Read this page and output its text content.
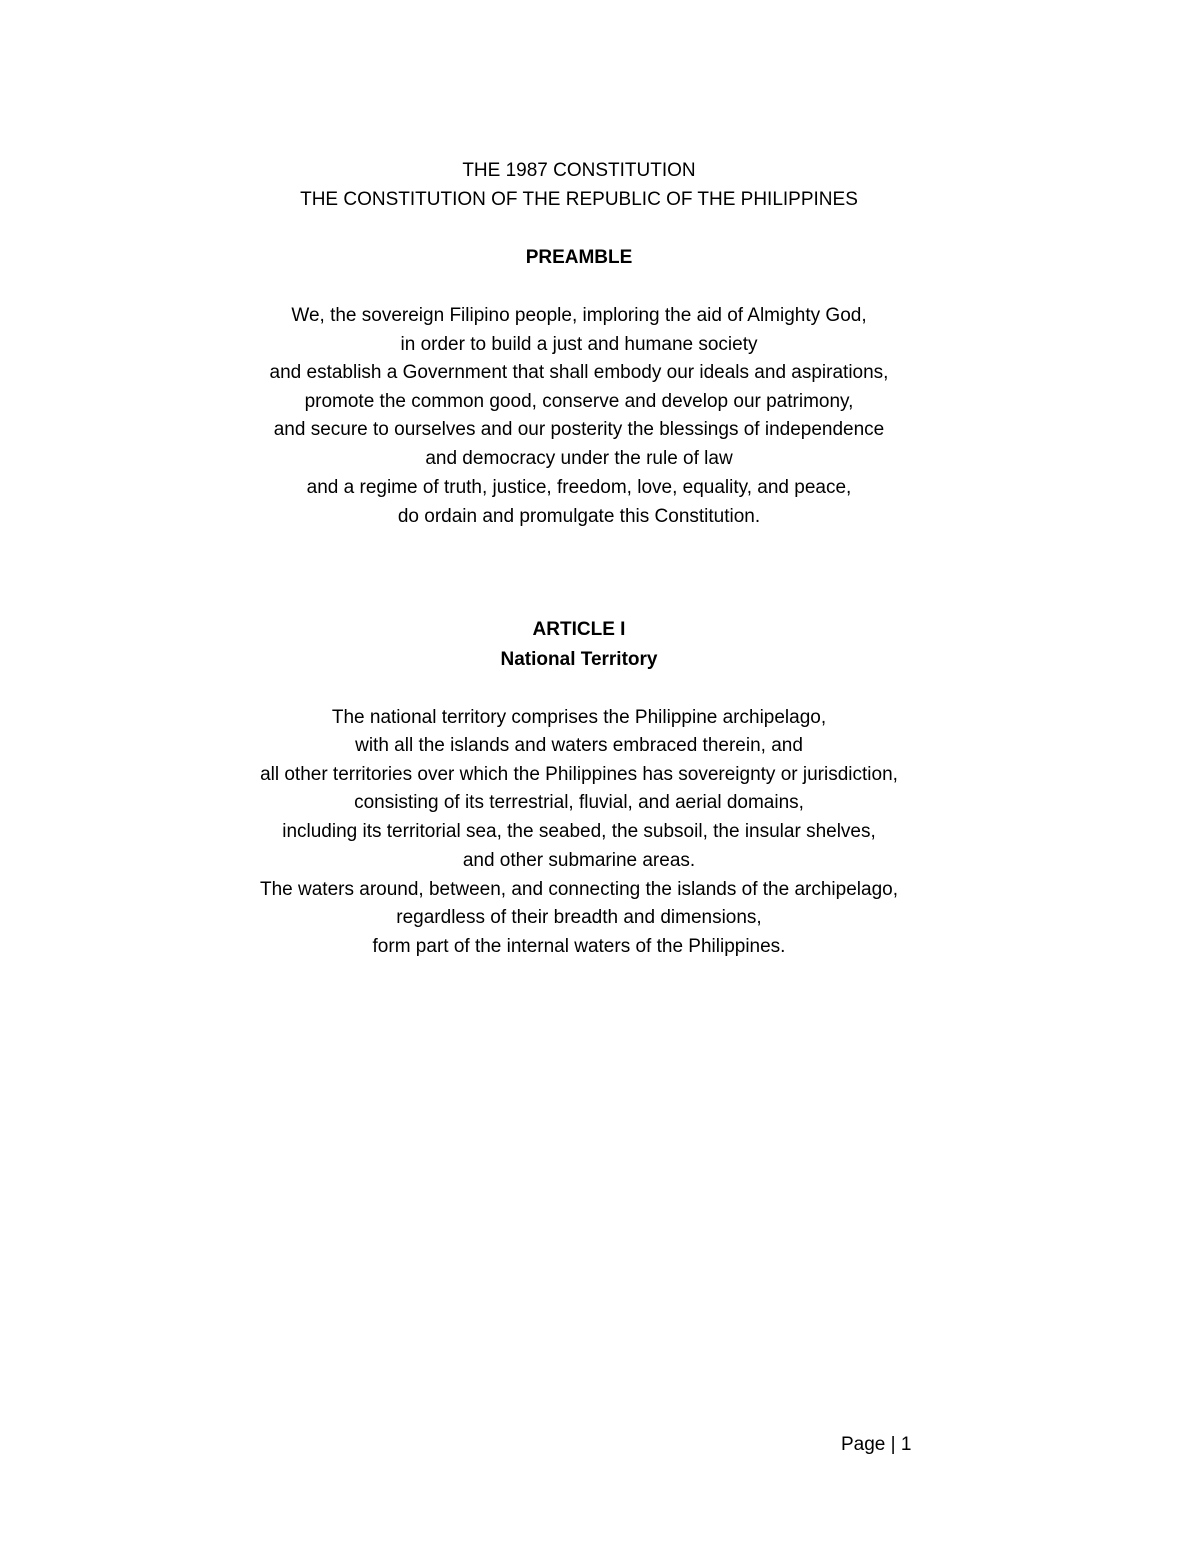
THE 1987 CONSTITUTION
THE CONSTITUTION OF THE REPUBLIC OF THE PHILIPPINES
PREAMBLE
We, the sovereign Filipino people, imploring the aid of Almighty God,
in order to build a just and humane society
and establish a Government that shall embody our ideals and aspirations,
promote the common good, conserve and develop our patrimony,
and secure to ourselves and our posterity the blessings of independence
and democracy under the rule of law
and a regime of truth, justice, freedom, love, equality, and peace,
do ordain and promulgate this Constitution.
ARTICLE I
National Territory
The national territory comprises the Philippine archipelago,
with all the islands and waters embraced therein, and
all other territories over which the Philippines has sovereignty or jurisdiction,
consisting of its terrestrial, fluvial, and aerial domains,
including its territorial sea, the seabed, the subsoil, the insular shelves,
and other submarine areas.
The waters around, between, and connecting the islands of the archipelago,
regardless of their breadth and dimensions,
form part of the internal waters of the Philippines.
Page | 1
